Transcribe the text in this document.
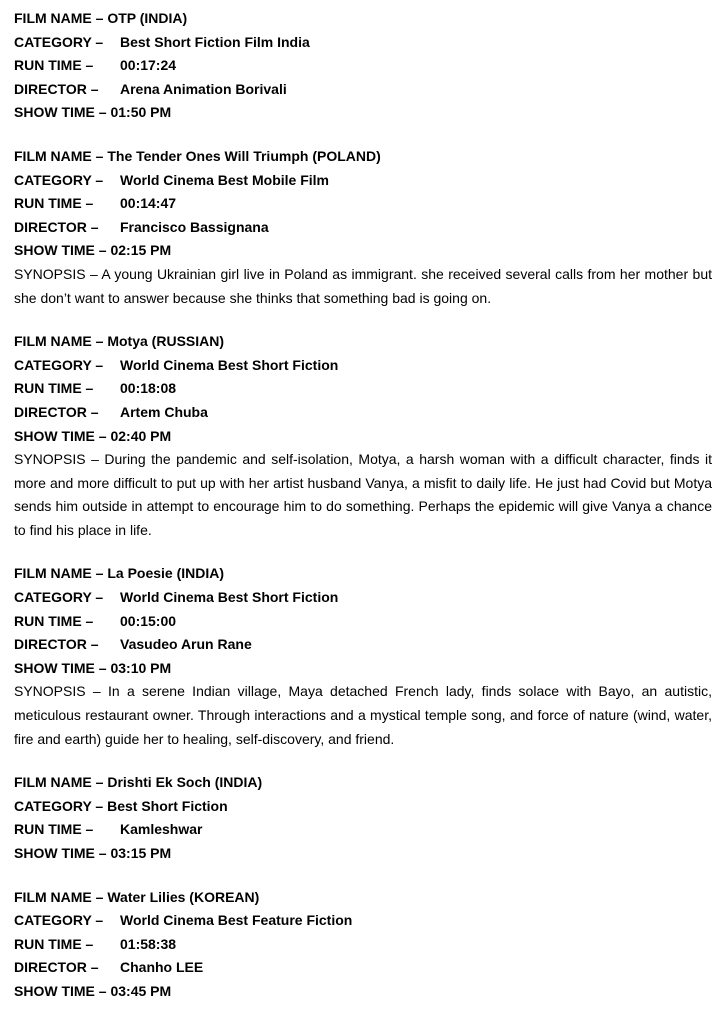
FILM NAME – OTP (INDIA)
CATEGORY –Best Short Fiction Film India
RUN TIME –00:17:24
DIRECTOR –Arena Animation Borivali
SHOW TIME – 01:50 PM
FILM NAME – The Tender Ones Will Triumph (POLAND)
CATEGORY –World Cinema Best Mobile Film
RUN TIME –00:14:47
DIRECTOR –Francisco Bassignana
SHOW TIME – 02:15 PM
SYNOPSIS – A young Ukrainian girl live in Poland as immigrant. she received several calls from her mother but she don’t want to answer because she thinks that something bad is going on.
FILM NAME – Motya (RUSSIAN)
CATEGORY –World Cinema Best Short Fiction
RUN TIME –00:18:08
DIRECTOR –Artem Chuba
SHOW TIME – 02:40 PM
SYNOPSIS – During the pandemic and self-isolation, Motya, a harsh woman with a difficult character, finds it more and more difficult to put up with her artist husband Vanya, a misfit to daily life. He just had Covid but Motya sends him outside in attempt to encourage him to do something. Perhaps the epidemic will give Vanya a chance to find his place in life.
FILM NAME – La Poesie (INDIA)
CATEGORY –World Cinema Best Short Fiction
RUN TIME –00:15:00
DIRECTOR –Vasudeo Arun Rane
SHOW TIME – 03:10 PM
SYNOPSIS – In a serene Indian village, Maya detached French lady, finds solace with Bayo, an autistic, meticulous restaurant owner. Through interactions and a mystical temple song, and force of nature (wind, water, fire and earth) guide her to healing, self-discovery, and friend.
FILM NAME – Drishti Ek Soch (INDIA)
CATEGORY – Best Short Fiction
RUN TIME –Kamleshwar
SHOW TIME – 03:15 PM
FILM NAME – Water Lilies (KOREAN)
CATEGORY –World Cinema Best Feature Fiction
RUN TIME –01:58:38
DIRECTOR –Chanho LEE
SHOW TIME – 03:45 PM
